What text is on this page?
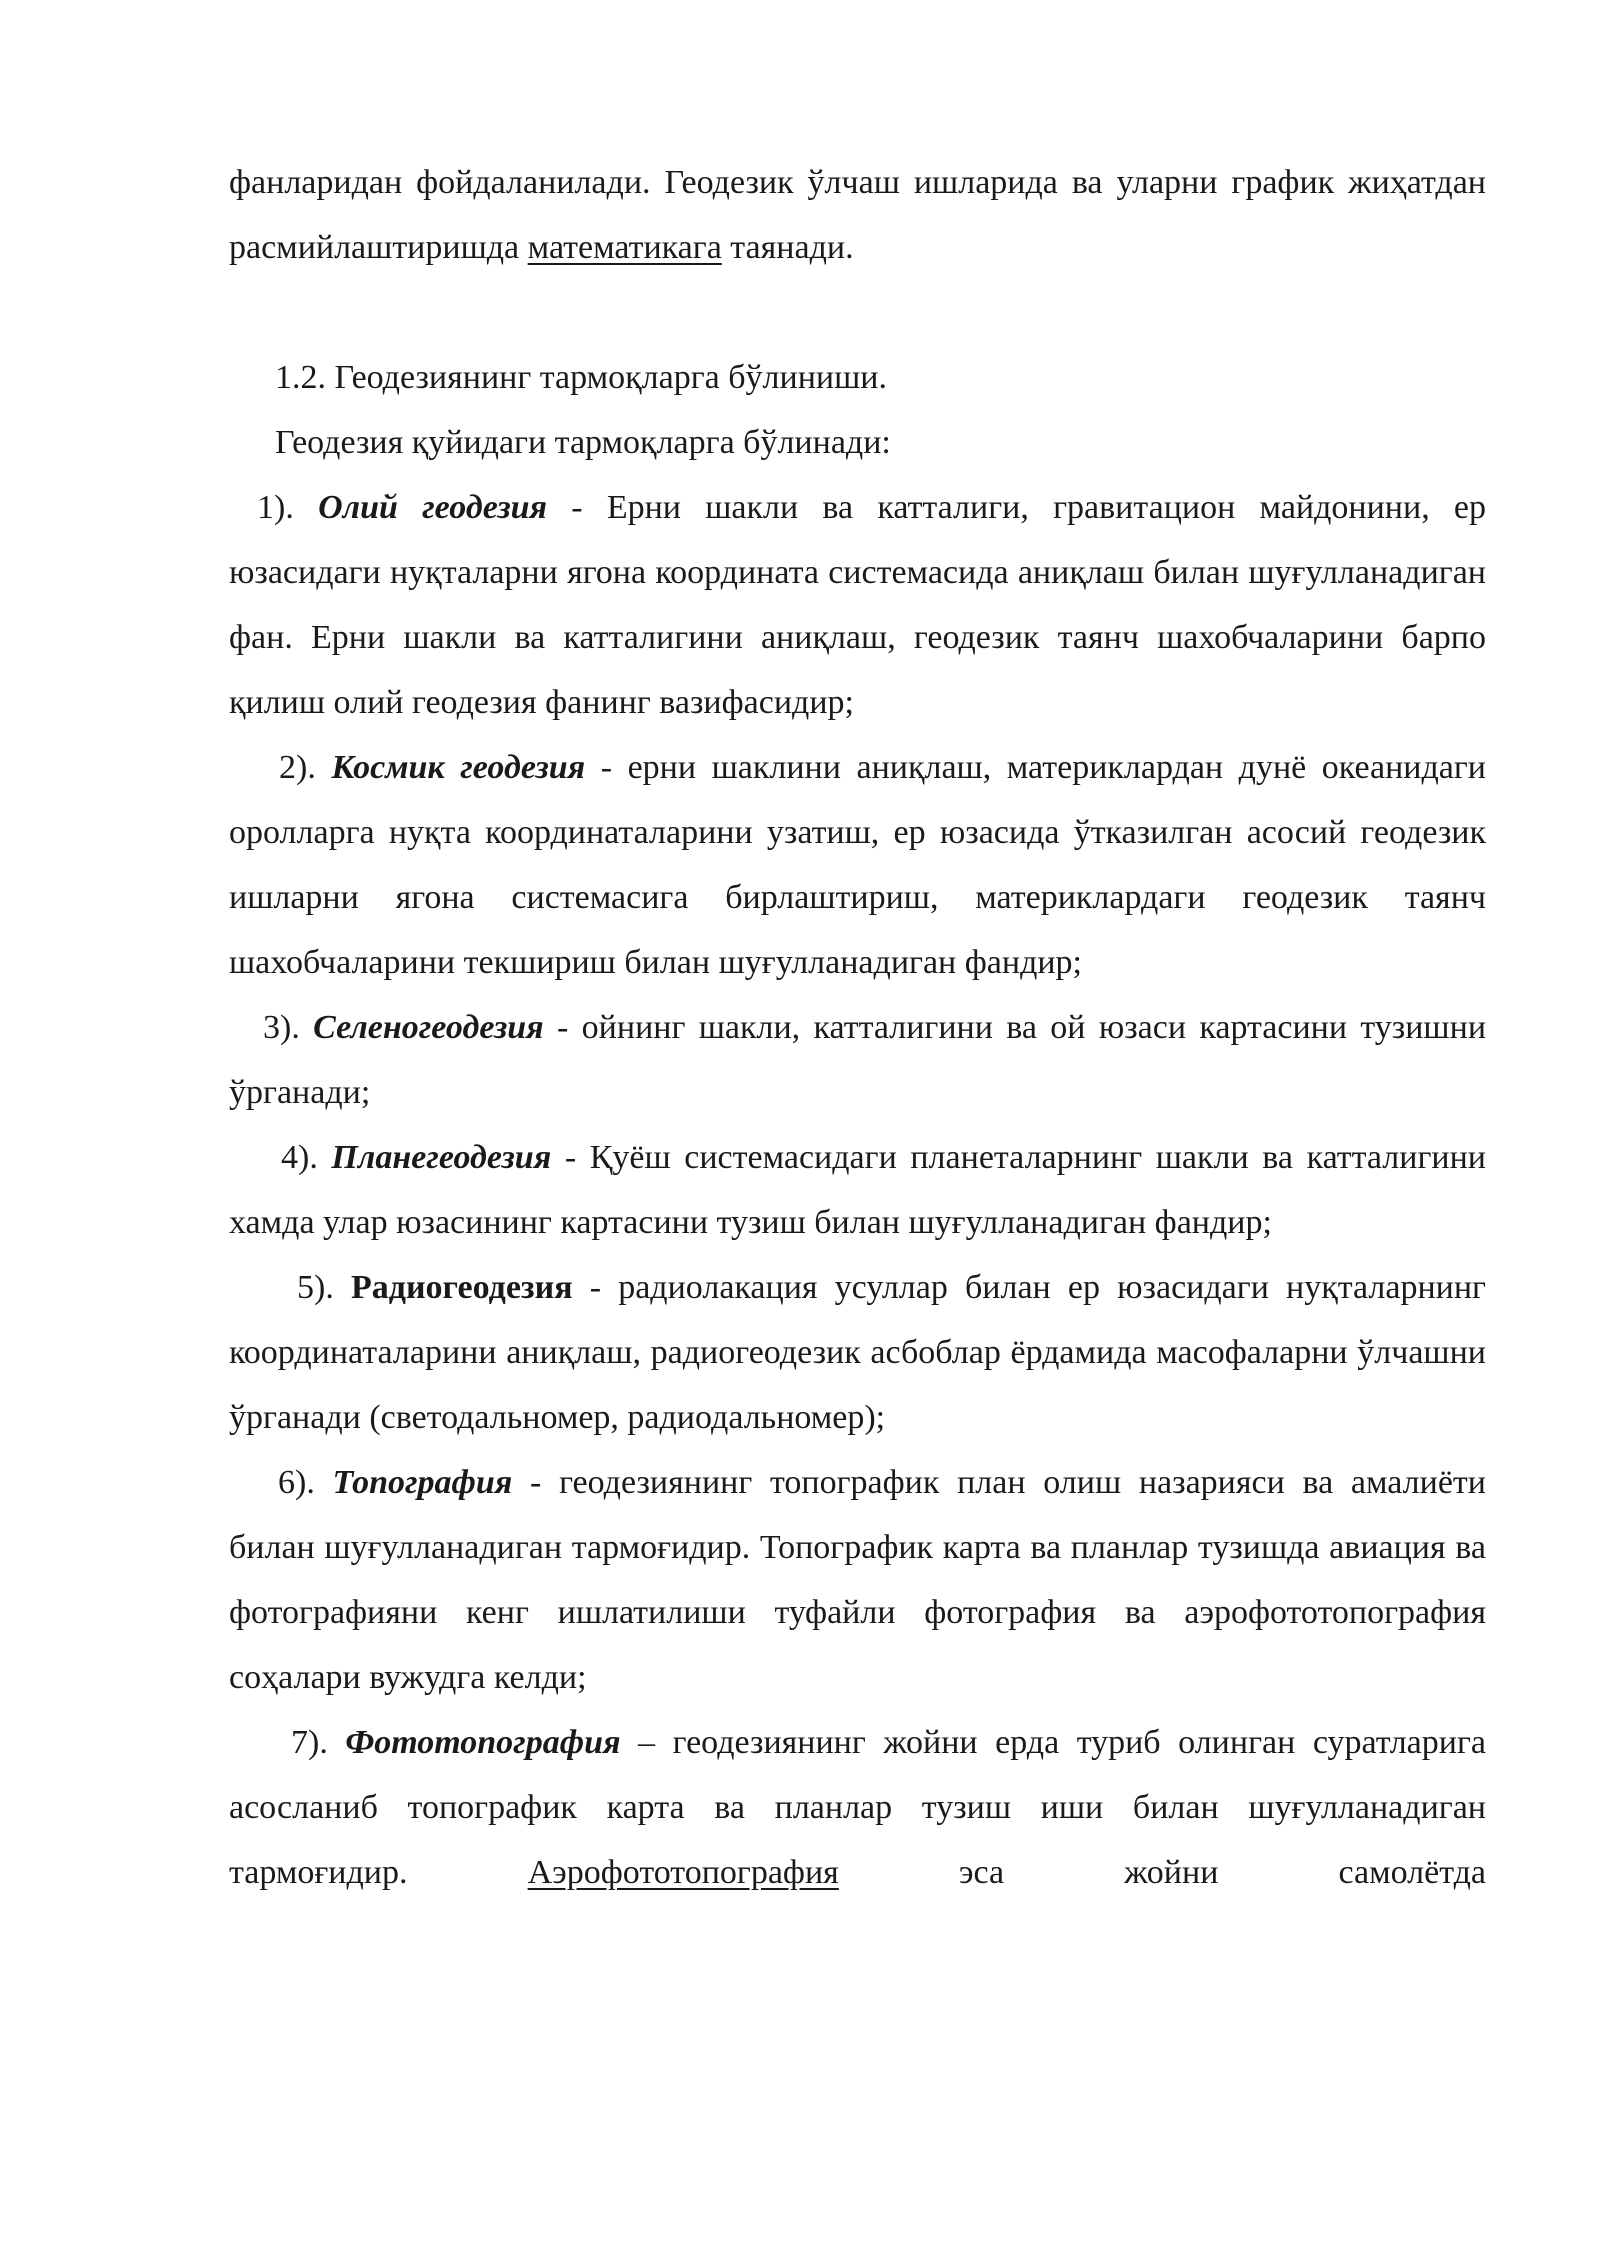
фанларидан фойдаланилади. Геодезик ўлчаш ишларида ва уларни график жиҳатдан расмийлаштиришда математикага таянади.

1.2. Геодезиянинг тармоқларга бўлиниши.

Геодезия қуйидаги тармоқларга бўлинади:

1). Олий геодезия - Ерни шакли ва катталиги, гравитацион майдонини, ер юзасидаги нуқталарни ягона координата системасида аниқлаш билан шуғулланадиган фан. Ерни шакли ва катталигини аниқлаш, геодезик таянч шахобчаларини барпо қилиш олий геодезия фанинг вазифасидир;

2). Космик геодезия - ерни шаклини аниқлаш, материклардан дунё океанидаги оролларга нуқта координаталарини узатиш, ер юзасида ўтказилган асосий геодезик ишларни ягона системасига бирлаштириш, материклардаги геодезик таянч шахобчаларини текшириш билан шуғулланадиган фандир;

3). Селеногеодезия - ойнинг шакли, катталигини ва ой юзаси картасини тузишни ўрганади;

4). Планегеодезия - Қуёш системасидаги планеталарнинг шакли ва катталигини хамда улар юзасининг картасини тузиш билан шуғулланадиган фандир;

5). Радиогеодезия - радиолакация усуллар билан ер юзасидаги нуқталарнинг координаталарини аниқлаш, радиогеодезик асбоблар ёрдамида масофаларни ўлчашни ўрганади (светодальномер, радиодальномер);

6). Топография - геодезиянинг топографик план олиш назарияси ва амалиёти билан шуғулланадиган тармоғидир. Топографик карта ва планлар тузишда авиация ва фотографияни кенг ишлатилиши туфайли фотография ва аэрофототопография соҳалари вужудга келди;

7). Фототопография – геодезиянинг жойни ерда туриб олинган суратларига асосланиб топографик карта ва планлар тузиш иши билан шуғулланадиган тармоғидир. Аэрофототопография эса жойни самолётда
